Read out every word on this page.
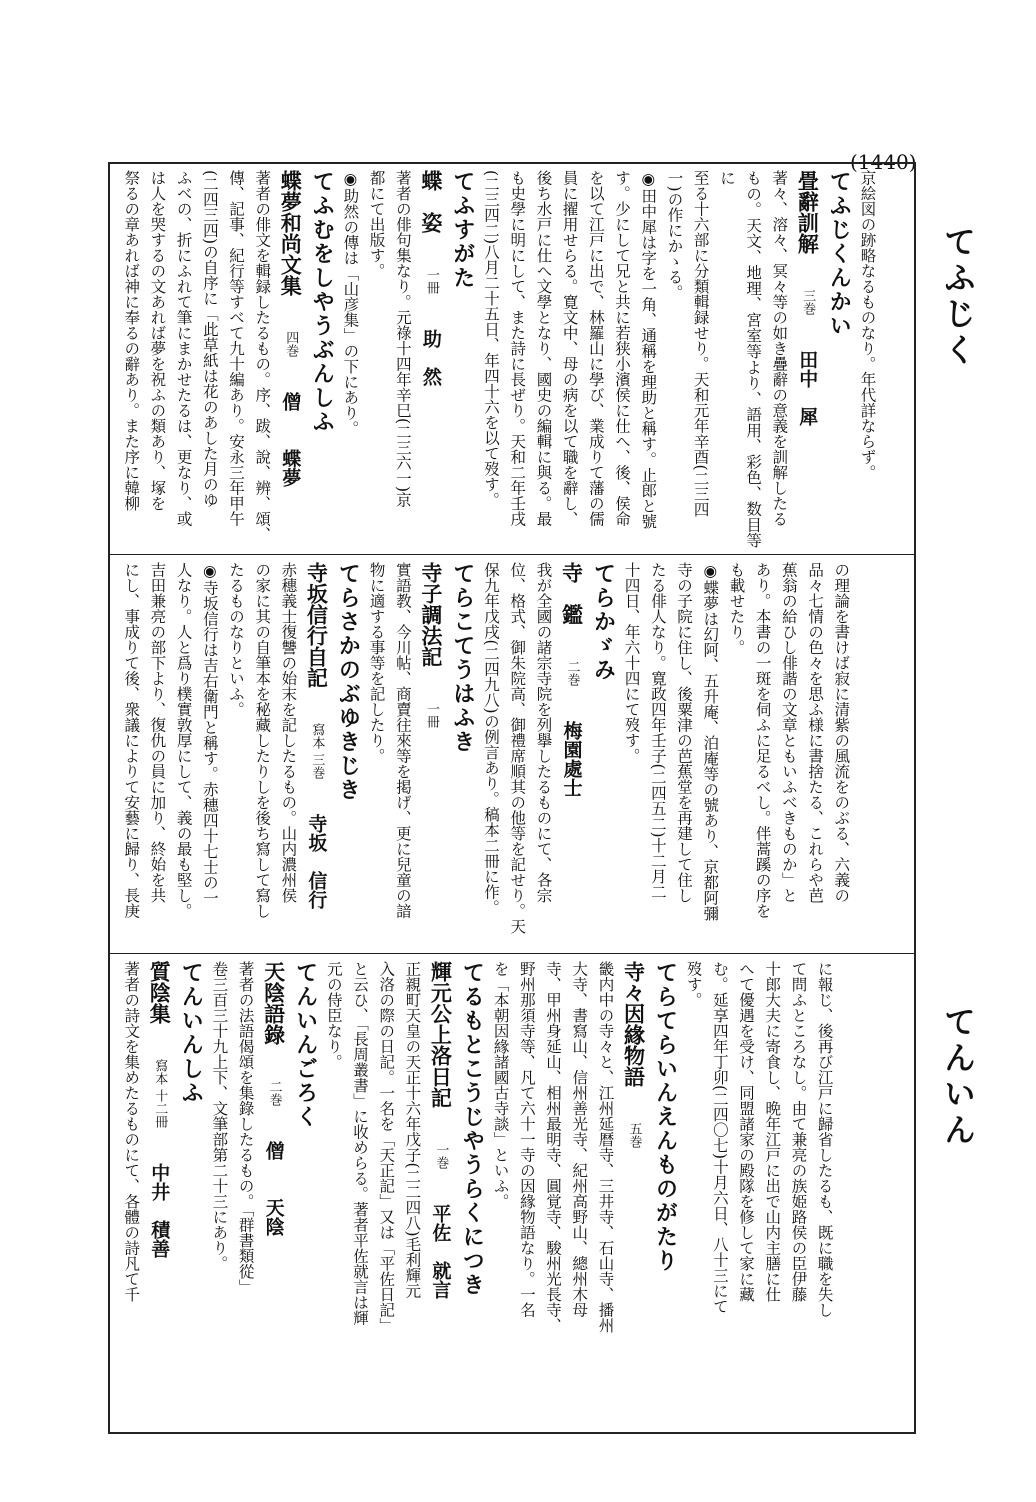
(1440)
てふじく
てんいん

京絵図の跡略なるものなり。年代詳ならず。

てふじくんかい

畳辭訓解　三巻　田中　犀

著々、溶々、冥々等の如き疊辭の意義を訓解したる

もの。天文、地理、宮室等より、語用、彩色、数目等に

至る十六部に分類輯録せり。天和元年辛酉(二三四

一)の作にかゝる。

◉田中犀は字を一角、通稱を理助と稱す。止郎と號

す。少にして兄と共に若狭小濱侯に仕へ、後、侯命

を以て江戸に出で、林羅山に學び、業成りて藩の儒

員に擢用せらる。寛文中、母の病を以て職を辭し、

後ち水戸に仕へ文學となり、國史の編輯に與る。最

も史學に明にして、また詩に長ぜり。天和二年壬戌

(二三四二)八月二十五日、年四十六を以て歿す。

てふすがた

蝶　姿　一冊　助　然

著者の俳句集なり。元祿十四年辛巳(二三六一)京

都にて出版す。

◉助然の傳は「山彦集」の下にあり。

てふむをしやうぶんしふ

蝶夢和尚文集　四巻　僧　　蝶夢

著者の俳文を輯録したるもの。序、跋、說、辨、頌、

傳、記事、紀行等すべて九十編あり。安永三年甲午

(二四三四)の自序に「此草紙は花のあした月のゆ

ふべの、折にふれて筆にまかせたるは、更なり、或

は人を哭するの文あれば夢を祝ふの類あり、塚を

祭るの章あれば神に奉るの辭あり。また序に韓柳

の理論を書けば寂に清紫の風流をのぶる、六義の

品々七情の色々を思ふ様に書捨たる、これらや芭

蕉翁の給ひし俳諧の文章ともいふべきものか」と

あり。本書の一斑を伺ふに足るべし。伴蒿蹊の序を

も載せたり。

◉蝶夢は幻阿、五升庵、泊庵等の號あり、京都阿彌

寺の子院に住し、後粟津の芭蕉堂を再建して住し

たる俳人なり。寛政四年壬子(二四五二)十二月二

十四日、年六十四にて歿す。

てらかゞみ

寺　鑑　二巻　梅園處士

我が全國の諸宗寺院を列擧したるものにて、各宗

位、格式、御朱院高、御禮席順其の他等を記せり。天

保九年戊戌(二四九八)の例言あり。稿本二冊に作。

てらこてうはふき

寺子調法記　一冊

實語教、今川帖、商賣往來等を掲げ、更に兒童の諳

物に適する事等を記したり。

てらさかのぶゆきじき

寺坂信行自記　寫本 三巻　寺坂　信行

赤穗義士復讐の始末を記したるもの。山内濃州侯

の家に其の自筆本を秘藏したりしを後ち寫して寫し

たるものなりといふ。

◉寺坂信行は吉右衛門と稱す。赤穗四十七士の一

人なり。人と爲り樸實敦厚にして、義の最も堅し。

吉田兼亮の部下より、復仇の員に加り、終始を共

にし、事成りて後、衆議によりて安藝に歸り、長庚

に報じ、後再び江戸に歸省したるも、既に職を失し

て問ふところなし。由て兼亮の族姫路侯の臣伊藤

十郎大夫に寄食し、晩年江戸に出で山内主膳に仕

へて優遇を受け、同盟諸家の殿隊を修して家に藏

む。延享四年丁卯(二四〇七)十月六日、八十三にて

歿す。

てらてらいんえんものがたり

寺々因緣物語　五巻

畿内中の寺々と、江州延暦寺、三井寺、石山寺、播州

大寺、書寫山、信州善光寺、紀州高野山、總州木母

寺、甲州身延山、相州最明寺、圓覚寺、駿州光長寺、

野州那須寺等、凡て六十一寺の因緣物語なり。一名

を「本朝因緣諸國古寺談」といふ。

てるもとこうじやうらくにつき

輝元公上洛日記　一巻　平佐　就言

正親町天皇の天正十六年戊子(二二四八)毛利輝元

入洛の際の日記。一名を「天正記」又は「平佐日記」

と云ひ、「長周叢書」に收めらる。著者平佐就言は輝

元の侍臣なり。

てんいんごろく

天陰語錄　二巻　僧　　天陰

著者の法語偈頌を集錄したるもの。「群書類從」

卷三百三十九上下、文筆部第二十三にあり。

てんいんしふ

質陰集　寫本 十二冊　中井　積善

著者の詩文を集めたるものにて、各體の詩凡て千
